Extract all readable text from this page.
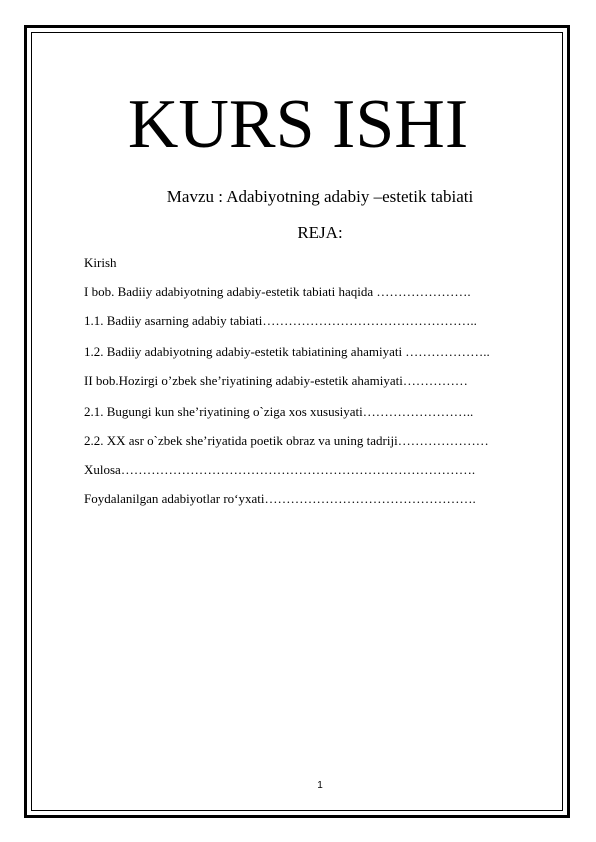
KURS ISHI
Mavzu : Adabiyotning adabiy –estetik tabiati
REJA:
Kirish
I bob. Badiiy adabiyotning adabiy-estetik tabiati haqida ………………….
1.1. Badiiy asarning adabiy tabiati…………………………………………..
1.2. Badiiy adabiyotning adabiy-estetik tabiatining ahamiyati ………………..
II bob.Hozirgi o’zbek she’riyatining adabiy-estetik ahamiyati……………
2.1. Bugungi kun she’riyatining o`ziga xos xususiyati……………………..
2.2. XX asr o`zbek she’riyatida poetik obraz va uning tadriji…………………
Xulosa……………………………………………………………………….
Foydalanilgan adabiyotlar ro‘yxati………………………………………….
1
